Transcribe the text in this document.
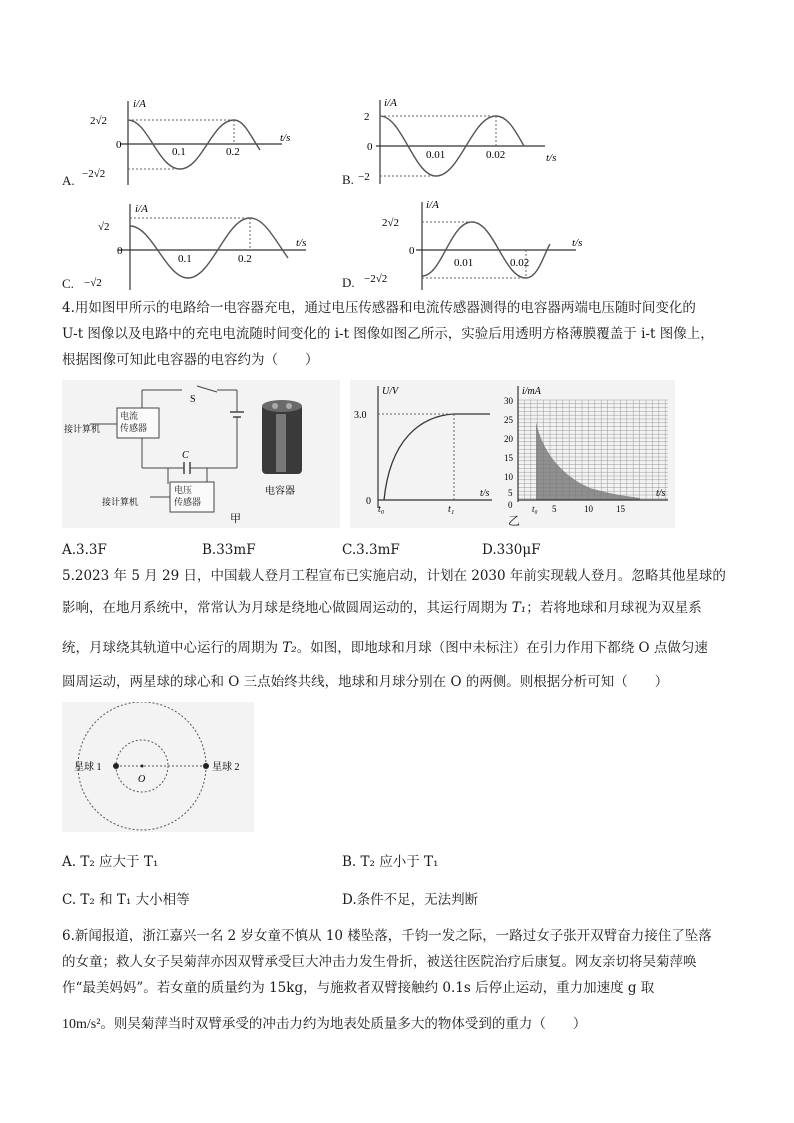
i/A
t/s
2√2
−2√2
0
0.1	0.2
A.
i/A
t/s
2
−2
0
0.01	0.02
B.
i/A
t/s
√2
−√2
0
0.1	0.2
C.
i/A
t/s
2√2
−2√2
0
0.01	0.02
D.
4.用如图甲所示的电路给一电容器充电，通过电压传感器和电流传感器测得的电容器两端电压随时间变化的
U-t 图像以及电路中的充电电流随时间变化的 i-t 图像如图乙所示，实验后用透明方格薄膜覆盖于 i-t 图像上，
根据图像可知此电容器的电容约为（　　）
S
C
接计算机
接计算机
电容器
甲
电流
传感器
电压
传感器
U/V
t/s
3.0
0
t₀	t₁
i/mA
t/s
30
25
20
15
10
5
0 t₀ 5	10	15
乙
A.3.3F	B.33mF	C.3.3mF	D.330μF
5.2023 年 5 月 29 日，中国载人登月工程宣布已实施启动，计划在 2030 年前实现载人登月。忽略其他星球的
影响，在地月系统中，常常认为月球是绕地心做圆周运动的，其运行周期为 T₁；若将地球和月球视为双星系
统，月球绕其轨道中心运行的周期为 T₂。如图，即地球和月球（图中未标注）在引力作用下都绕 O 点做匀速
圆周运动，两星球的球心和 O 三点始终共线，地球和月球分别在 O 的两侧。则根据分析可知（　　）
星球 1
O
星球 2
A. T₂ 应大于 T₁	B. T₂ 应小于 T₁
C. T₂ 和 T₁ 大小相等	D.条件不足，无法判断
6.新闻报道，浙江嘉兴一名 2 岁女童不慎从 10 楼坠落，千钧一发之际，一路过女子张开双臂奋力接住了坠落
的女童；救人女子吴菊萍亦因双臂承受巨大冲击力发生骨折，被送往医院治疗后康复。网友亲切将吴菊萍唤
作“最美妈妈”。若女童的质量约为 15kg，与施救者双臂接触约 0.1s 后停止运动，重力加速度 g 取
10m/s²。则吴菊萍当时双臂承受的冲击力约为地表处质量多大的物体受到的重力（　　）
